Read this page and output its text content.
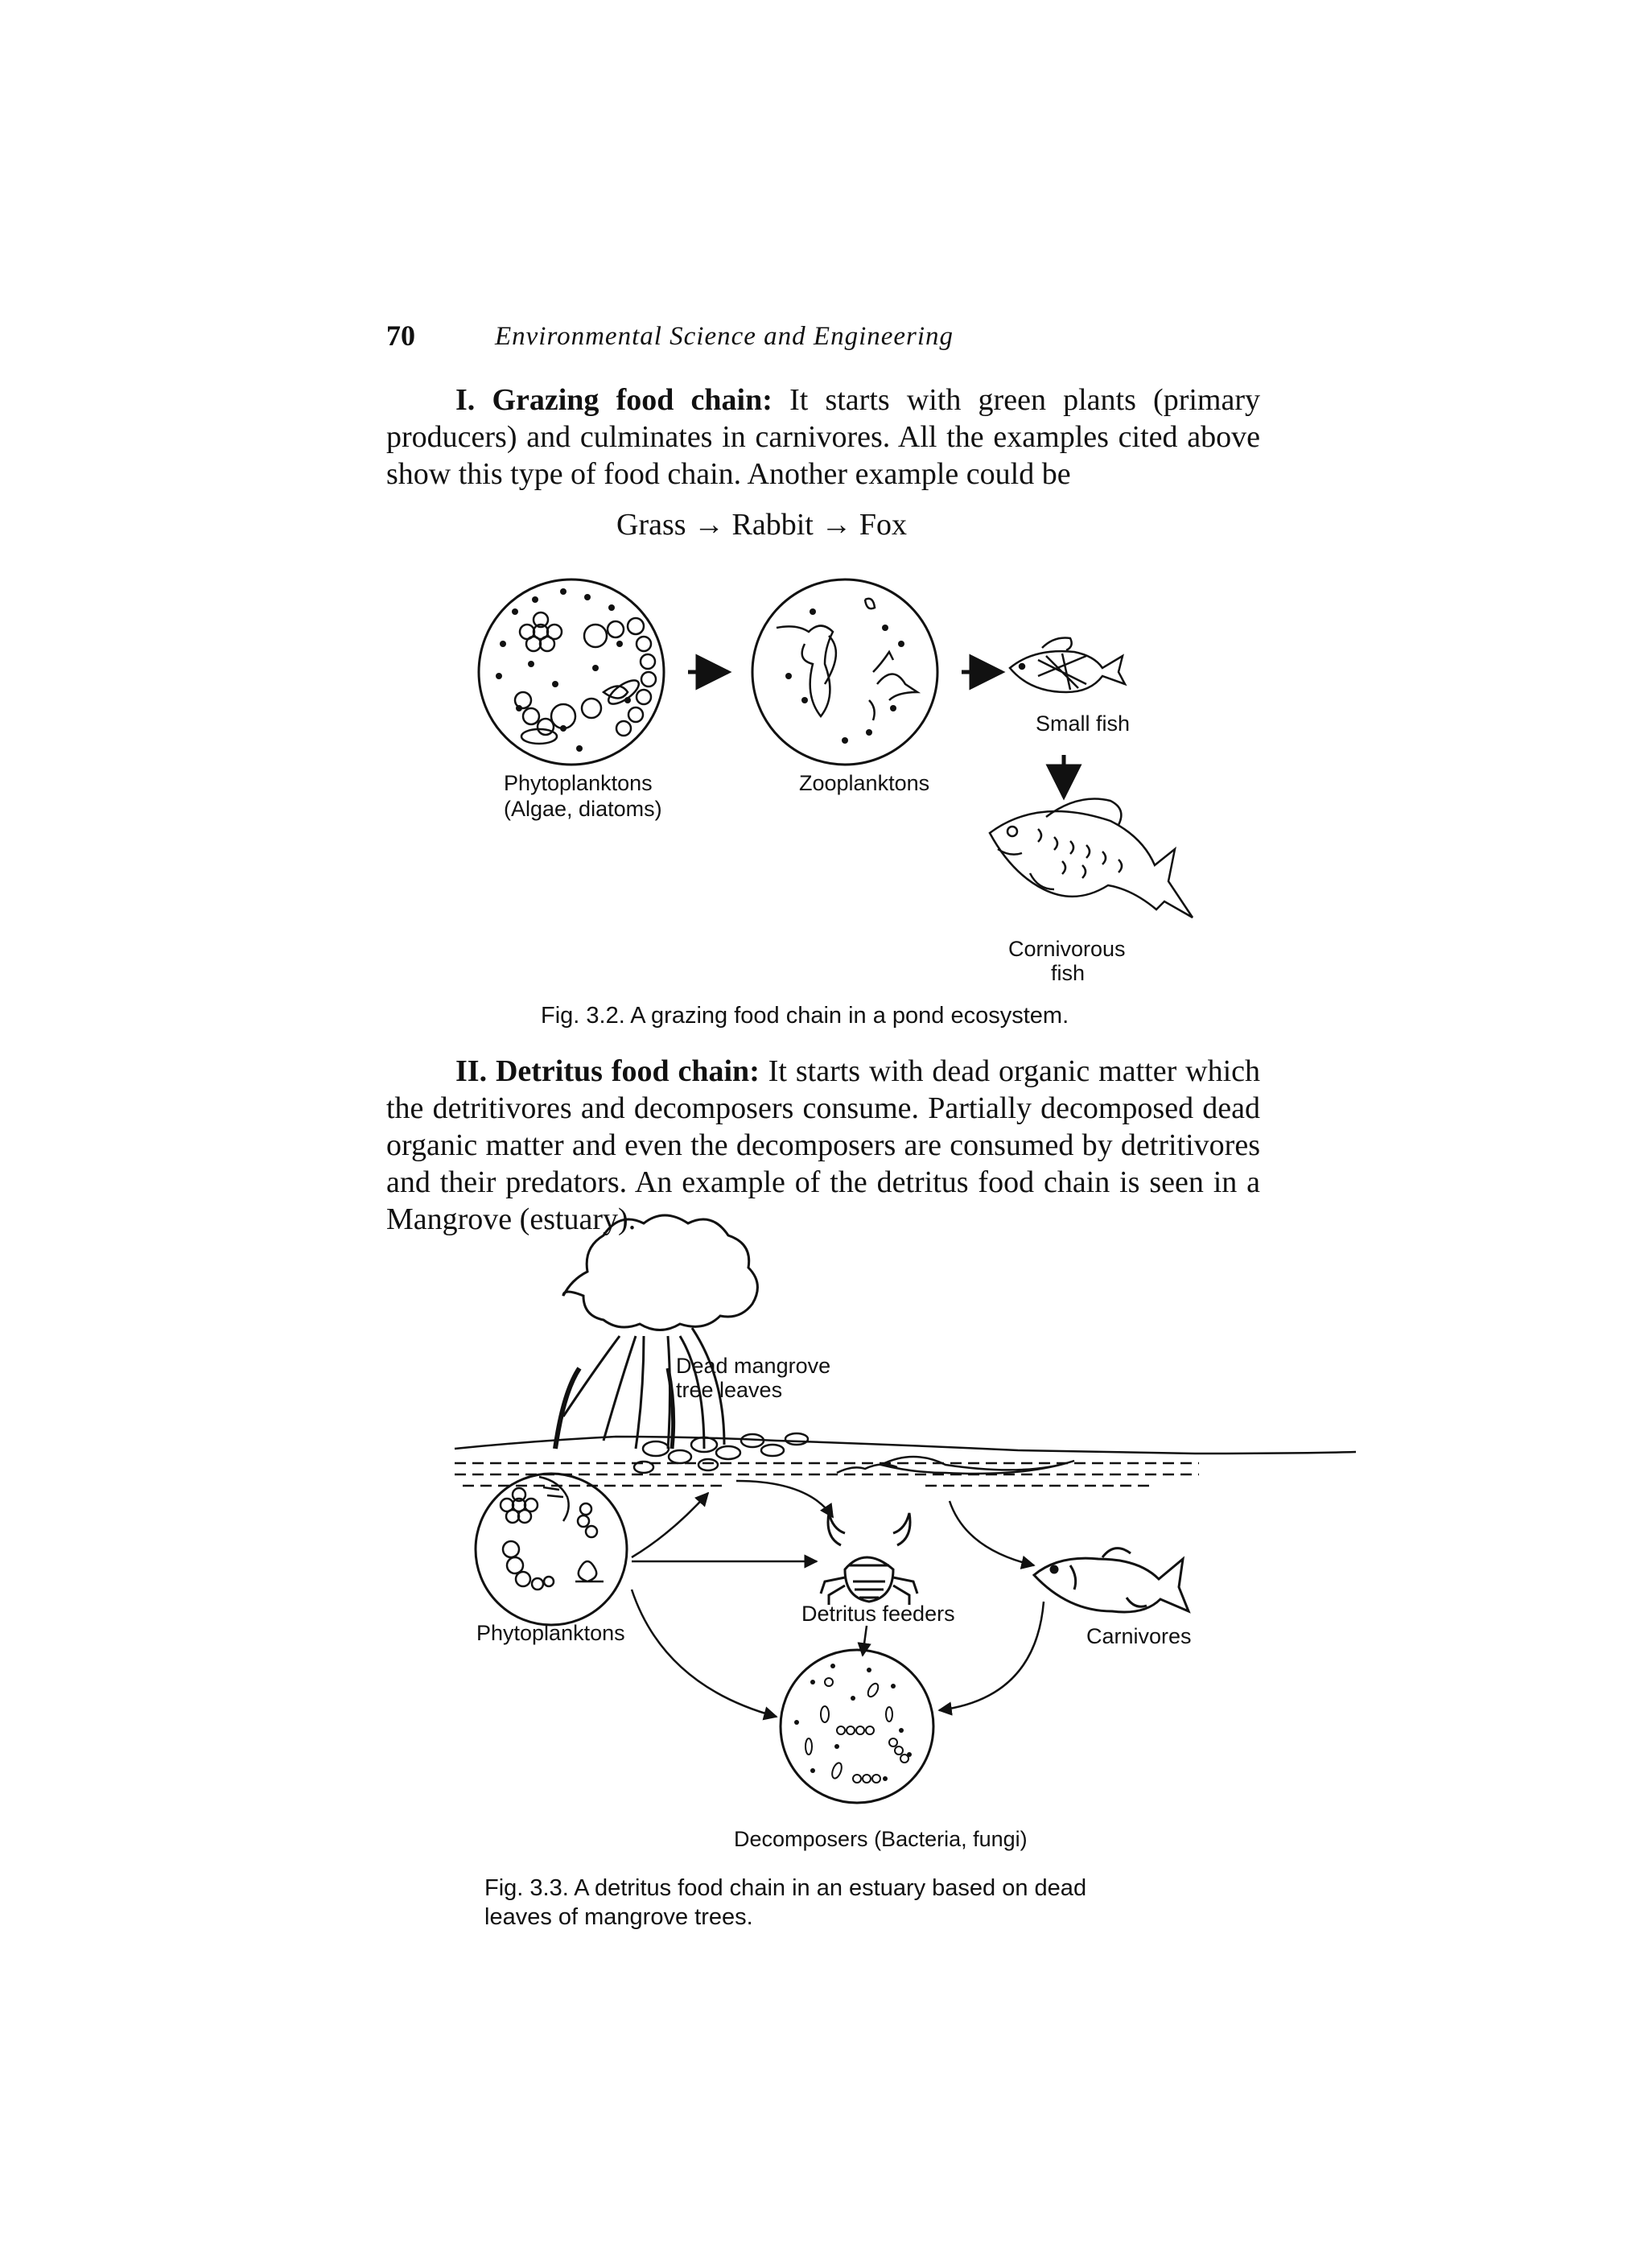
70	Environmental Science and Engineering
I. Grazing food chain: It starts with green plants (primary producers) and culminates in carnivores. All the examples cited above show this type of food chain. Another example could be
Grass → Rabbit → Fox
Phytoplanktons
(Algae, diatoms)
Zooplanktons
Small fish
Cornivorous
fish
Fig. 3.2. A grazing food chain in a pond ecosystem.
II. Detritus food chain: It starts with dead organic matter which the detritivores and decomposers consume. Partially decomposed dead organic matter and even the decomposers are consumed by detritivores and their predators. An example of the detritus food chain is seen in a Mangrove (estuary).
Dead mangrove
tree leaves
Phytoplanktons
Detritus feeders
Carnivores
Decomposers (Bacteria, fungi)
Fig. 3.3. A detritus food chain in an estuary based on dead
leaves of mangrove trees.
